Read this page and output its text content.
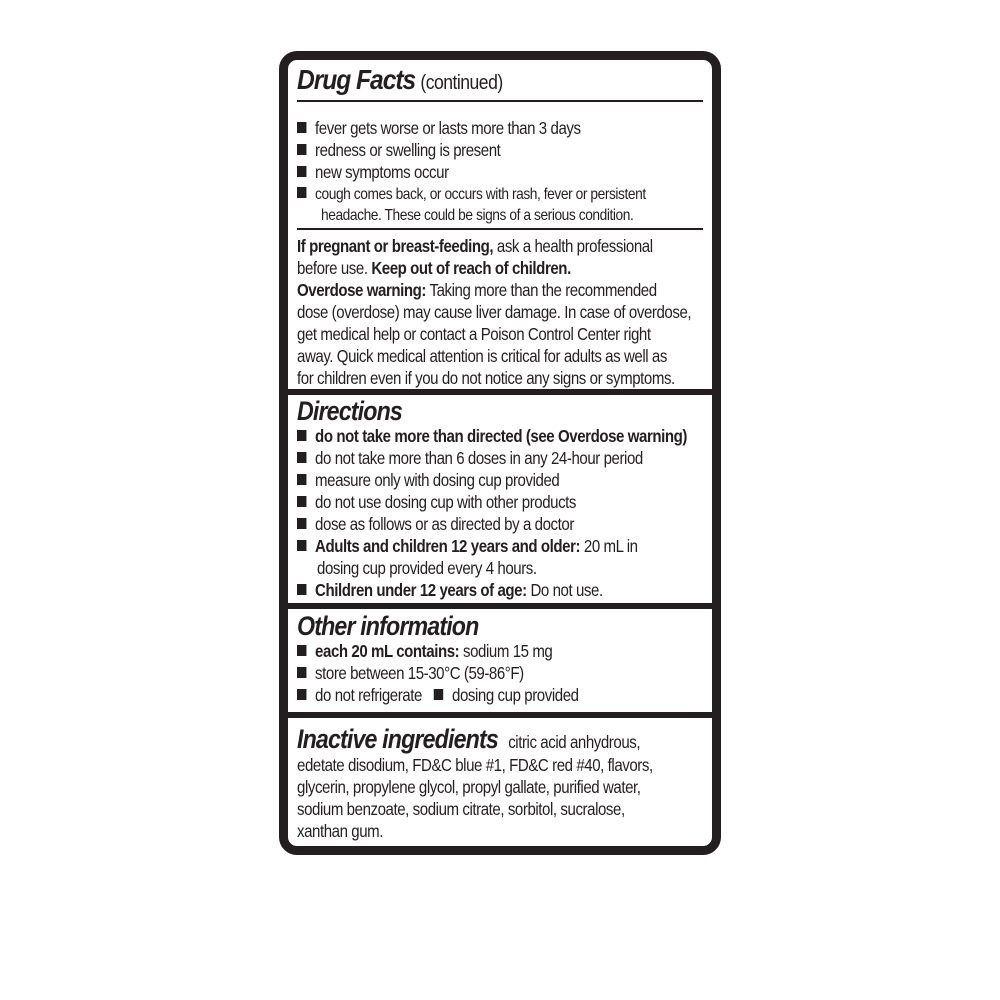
Drug Facts (continued)
fever gets worse or lasts more than 3 days
redness or swelling is present
new symptoms occur
cough comes back, or occurs with rash, fever or persistent
headache. These could be signs of a serious condition.
If pregnant or breast-feeding, ask a health professional
before use. Keep out of reach of children.
Overdose warning: Taking more than the recommended
dose (overdose) may cause liver damage. In case of overdose,
get medical help or contact a Poison Control Center right
away. Quick medical attention is critical for adults as well as
for children even if you do not notice any signs or symptoms.
Directions
do not take more than directed (see Overdose warning)
do not take more than 6 doses in any 24-hour period
measure only with dosing cup provided
do not use dosing cup with other products
dose as follows or as directed by a doctor
Adults and children 12 years and older: 20 mL in
dosing cup provided every 4 hours.
Children under 12 years of age: Do not use.
Other information
each 20 mL contains: sodium 15 mg
store between 15-30°C (59-86°F)
do not refrigerate dosing cup provided
Inactive ingredients citric acid anhydrous,
edetate disodium, FD&C blue #1, FD&C red #40, flavors,
glycerin, propylene glycol, propyl gallate, purified water,
sodium benzoate, sodium citrate, sorbitol, sucralose,
xanthan gum.
